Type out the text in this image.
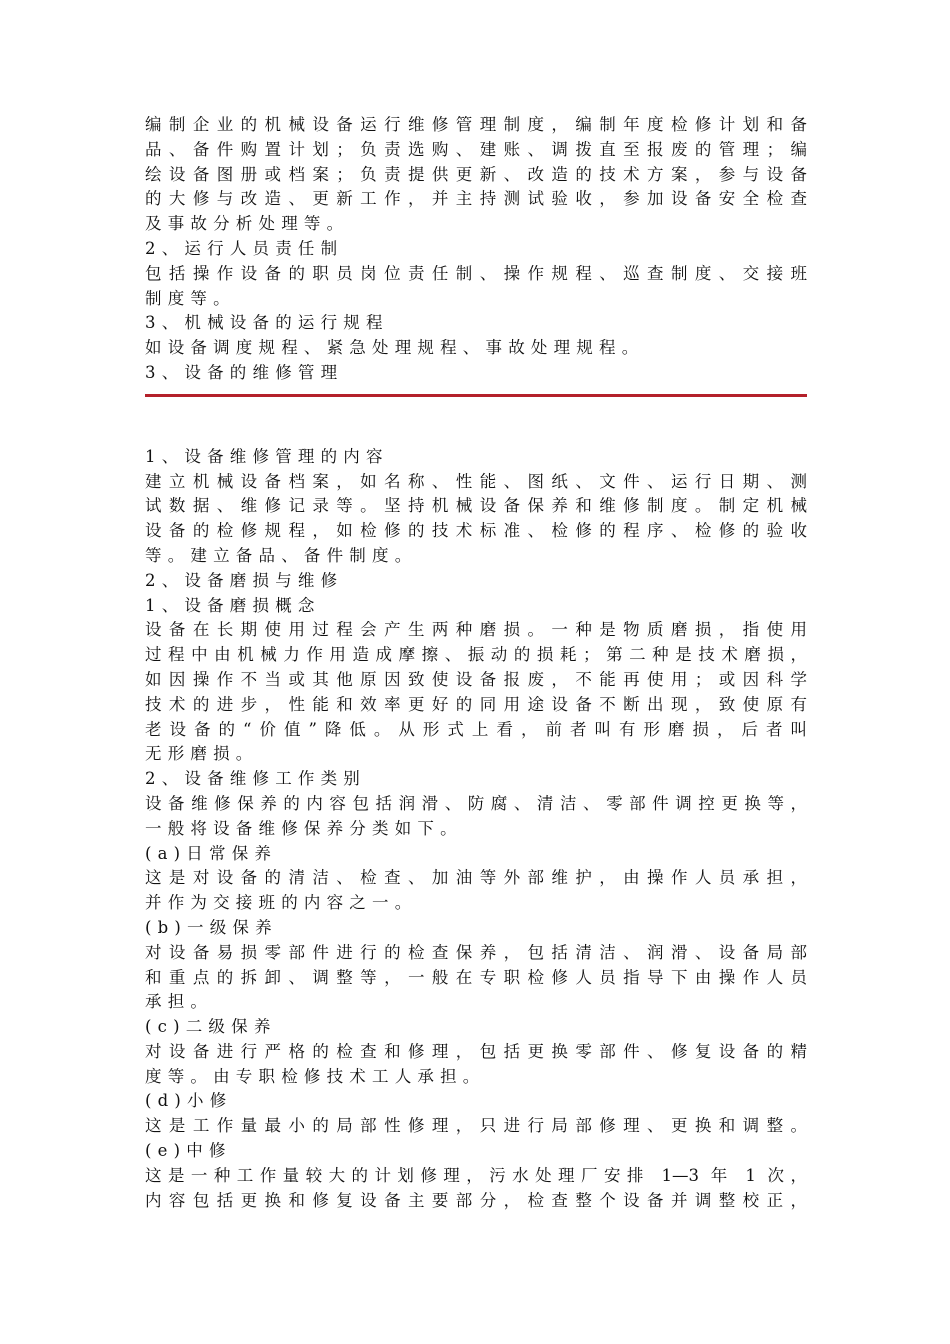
编制企业的机械设备运行维修管理制度，编制年度检修计划和备

品、备件购置计划；负责选购、建账、调拨直至报废的管理；编

绘设备图册或档案；负责提供更新、改造的技术方案，参与设备

的大修与改造、更新工作，并主持测试验收，参加设备安全检查

及事故分析处理等。

2、运行人员责任制

包括操作设备的职员岗位责任制、操作规程、巡查制度、交接班

制度等。

3、机械设备的运行规程

如设备调度规程、紧急处理规程、事故处理规程。

3、设备的维修管理

1、设备维修管理的内容

建立机械设备档案，如名称、性能、图纸、文件、运行日期、测

试数据、维修记录等。坚持机械设备保养和维修制度。制定机械

设备的检修规程，如检修的技术标准、检修的程序、检修的验收

等。建立备品、备件制度。

2、设备磨损与维修

1、设备磨损概念

设备在长期使用过程会产生两种磨损。一种是物质磨损，指使用

过程中由机械力作用造成摩擦、振动的损耗；第二种是技术磨损，

如因操作不当或其他原因致使设备报废，不能再使用；或因科学

技术的进步，性能和效率更好的同用途设备不断出现，致使原有

老设备的“价值”降低。从形式上看，前者叫有形磨损，后者叫

无形磨损。

2、设备维修工作类别

设备维修保养的内容包括润滑、防腐、清洁、零部件调控更换等，

一般将设备维修保养分类如下。

(a)日常保养

这是对设备的清洁、检查、加油等外部维护，由操作人员承担，

并作为交接班的内容之一。

(b)一级保养

对设备易损零部件进行的检查保养，包括清洁、润滑、设备局部

和重点的拆卸、调整等，一般在专职检修人员指导下由操作人员

承担。

(c)二级保养

对设备进行严格的检查和修理，包括更换零部件、修复设备的精

度等。由专职检修技术工人承担。

(d)小修

这是工作量最小的局部性修理，只进行局部修理、更换和调整。

(e)中修

这是一种工作量较大的计划修理，污水处理厂安排 1—3 年 1 次，

内容包括更换和修复设备主要部分，检查整个设备并调整校正，
